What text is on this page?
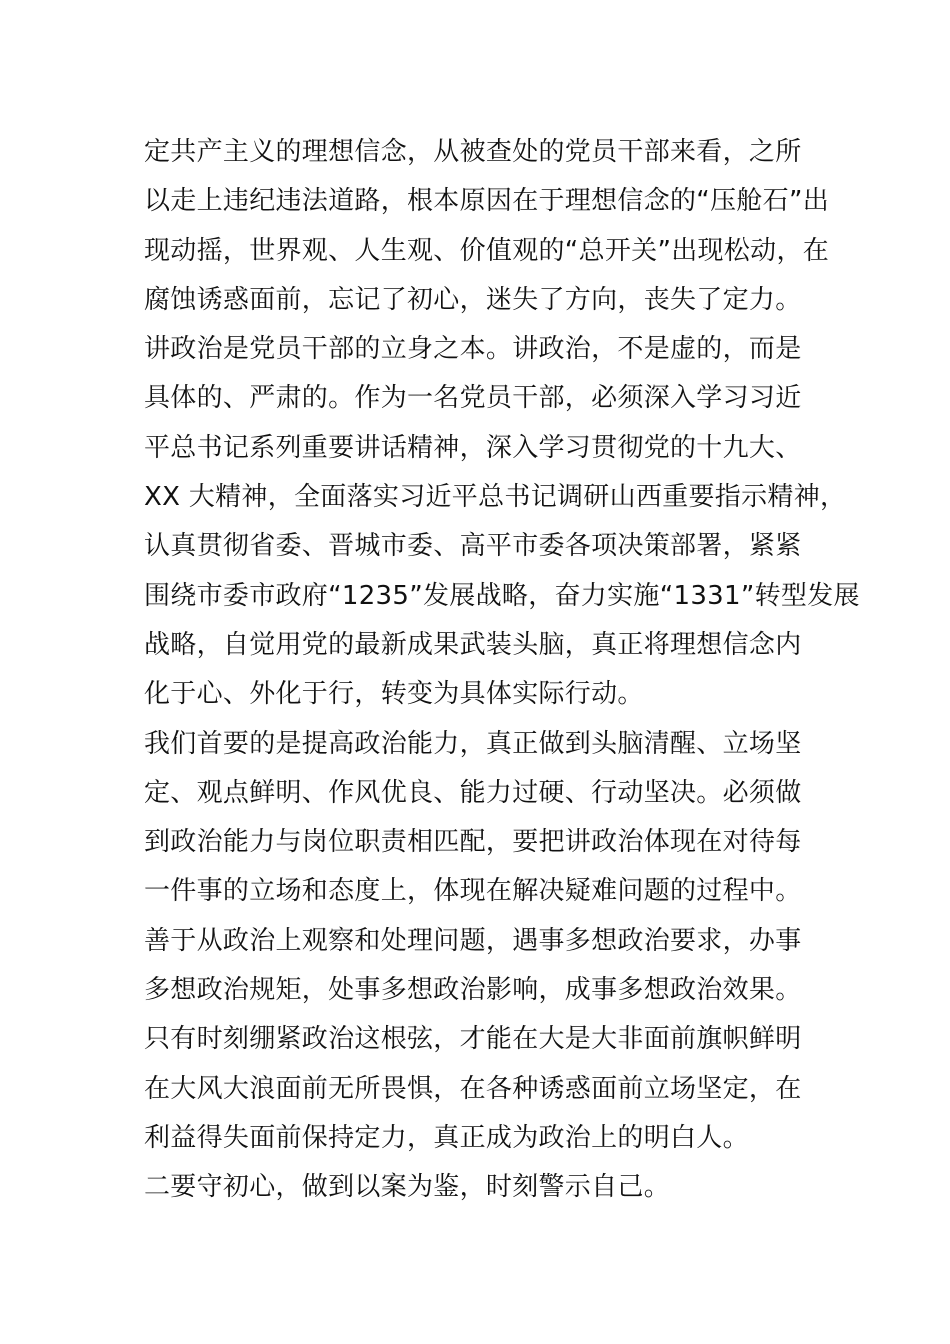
定共产主义的理想信念，从被查处的党员干部来看，之所
以走上违纪违法道路，根本原因在于理想信念的“压舱石”出
现动摇，世界观、人生观、价值观的“总开关”出现松动，在
腐蚀诱惑面前，忘记了初心，迷失了方向，丧失了定力。
讲政治是党员干部的立身之本。讲政治，不是虚的，而是
具体的、严肃的。作为一名党员干部，必须深入学习习近
平总书记系列重要讲话精神，深入学习贯彻党的十九大、
XX 大精神，全面落实习近平总书记调研山西重要指示精神，
认真贯彻省委、晋城市委、高平市委各项决策部署，紧紧
围绕市委市政府“1235”发展战略，奋力实施“1331”转型发展
战略，自觉用党的最新成果武装头脑，真正将理想信念内
化于心、外化于行，转变为具体实际行动。
我们首要的是提高政治能力，真正做到头脑清醒、立场坚
定、观点鲜明、作风优良、能力过硬、行动坚决。必须做
到政治能力与岗位职责相匹配，要把讲政治体现在对待每
一件事的立场和态度上，体现在解决疑难问题的过程中。
善于从政治上观察和处理问题，遇事多想政治要求，办事
多想政治规矩，处事多想政治影响，成事多想政治效果。
只有时刻绷紧政治这根弦，才能在大是大非面前旗帜鲜明
在大风大浪面前无所畏惧，在各种诱惑面前立场坚定，在
利益得失面前保持定力，真正成为政治上的明白人。
二要守初心，做到以案为鉴，时刻警示自己。
